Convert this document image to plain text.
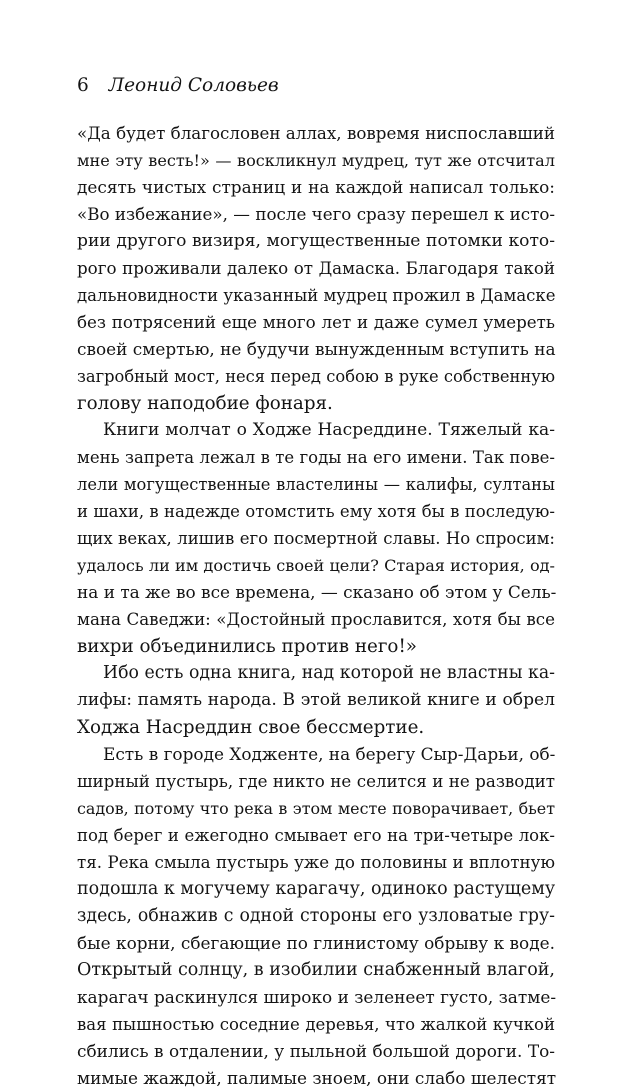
6 Леонид Соловьев
«Да будет благословен аллах, вовремя ниспославший
мне эту весть!» — воскликнул мудрец, тут же отсчитал
десять чистых страниц и на каждой написал только:
«Во избежание», — после чего сразу перешел к исто-
рии другого визиря, могущественные потомки кото-
рого проживали далеко от Дамаска. Благодаря такой
дальновидности указанный мудрец прожил в Дамаске
без потрясений еще много лет и даже сумел умереть
своей смертью, не будучи вынужденным вступить на
загробный мост, неся перед собою в руке собственную
голову наподобие фонаря.
Книги молчат о Ходже Насреддине. Тяжелый ка-
мень запрета лежал в те годы на его имени. Так пове-
лели могущественные властелины — калифы, султаны
и шахи, в надежде отомстить ему хотя бы в последую-
щих веках, лишив его посмертной славы. Но спросим:
удалось ли им достичь своей цели? Старая история, од-
на и та же во все времена, — сказано об этом у Сель-
мана Саведжи: «Достойный прославится, хотя бы все
вихри объединились против него!»
Ибо есть одна книга, над которой не властны ка-
лифы: память народа. В этой великой книге и обрел
Ходжа Насреддин свое бессмертие.
Есть в городе Ходженте, на берегу Сыр-Дарьи, об-
ширный пустырь, где никто не селится и не разводит
садов, потому что река в этом месте поворачивает, бьет
под берег и ежегодно смывает его на три-четыре лок-
тя. Река смыла пустырь уже до половины и вплотную
подошла к могучему карагачу, одиноко растущему
здесь, обнажив с одной стороны его узловатые гру-
бые корни, сбегающие по глинистому обрыву к воде.
Открытый солнцу, в изобилии снабженный влагой,
карагач раскинулся широко и зеленеет густо, затме-
вая пышностью соседние деревья, что жалкой кучкой
сбились в отдалении, у пыльной большой дороги. То-
мимые жаждой, палимые зноем, они слабо шелестят
